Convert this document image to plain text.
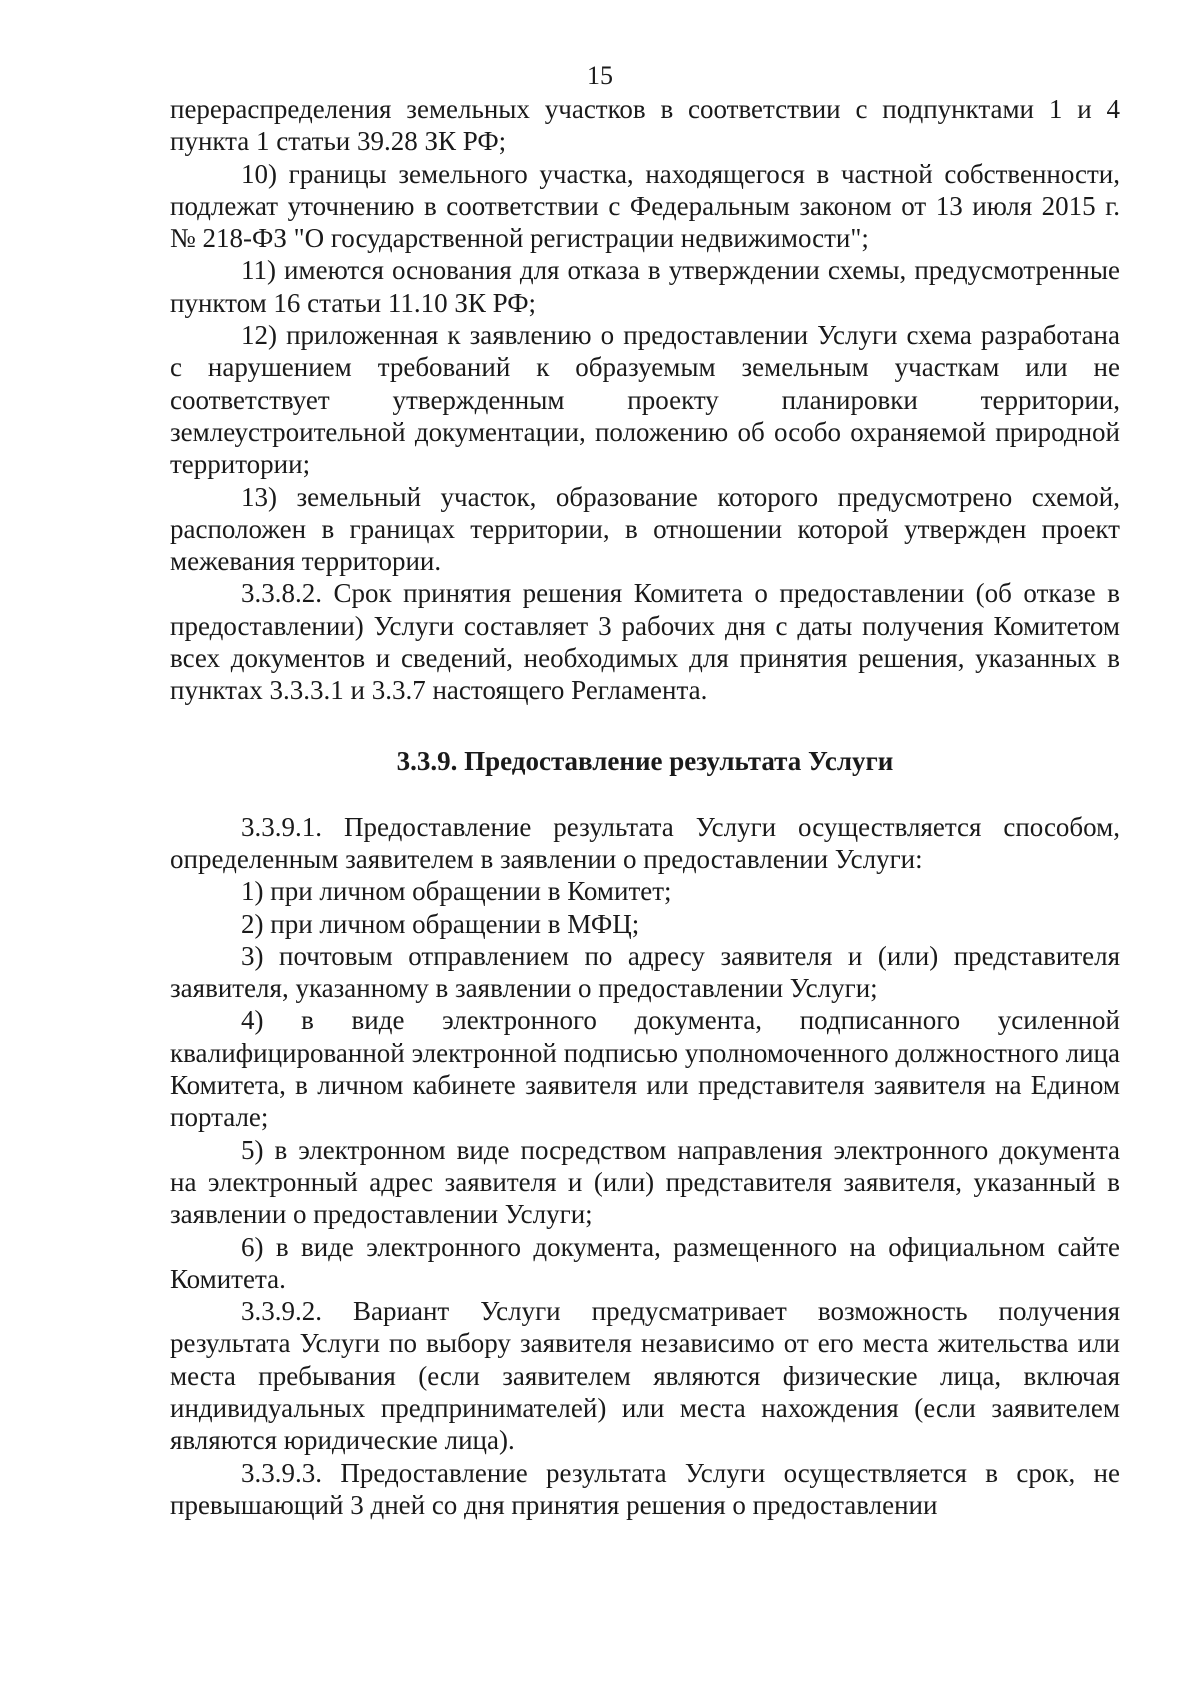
15

перераспределения земельных участков в соответствии с подпунктами 1 и 4 пункта 1 статьи 39.28 ЗК РФ;

10) границы земельного участка, находящегося в частной собственности, подлежат уточнению в соответствии с Федеральным законом от 13 июля 2015 г. № 218-ФЗ "О государственной регистрации недвижимости";

11) имеются основания для отказа в утверждении схемы, предусмотренные пунктом 16 статьи 11.10 ЗК РФ;

12) приложенная к заявлению о предоставлении Услуги схема разработана с нарушением требований к образуемым земельным участкам или не соответствует утвержденным проекту планировки территории, землеустроительной документации, положению об особо охраняемой природной территории;

13) земельный участок, образование которого предусмотрено схемой, расположен в границах территории, в отношении которой утвержден проект межевания территории.

3.3.8.2. Срок принятия решения Комитета о предоставлении (об отказе в предоставлении) Услуги составляет 3 рабочих дня с даты получения Комитетом всех документов и сведений, необходимых для принятия решения, указанных в пунктах 3.3.3.1 и 3.3.7 настоящего Регламента.

3.3.9. Предоставление результата Услуги

3.3.9.1. Предоставление результата Услуги осуществляется способом, определенным заявителем в заявлении о предоставлении Услуги:

1) при личном обращении в Комитет;

2) при личном обращении в МФЦ;

3) почтовым отправлением по адресу заявителя и (или) представителя заявителя, указанному в заявлении о предоставлении Услуги;

4) в виде электронного документа, подписанного усиленной квалифицированной электронной подписью уполномоченного должностного лица Комитета, в личном кабинете заявителя или представителя заявителя на Едином портале;

5) в электронном виде посредством направления электронного документа на электронный адрес заявителя и (или) представителя заявителя, указанный в заявлении о предоставлении Услуги;

6) в виде электронного документа, размещенного на официальном сайте Комитета.

3.3.9.2. Вариант Услуги предусматривает возможность получения результата Услуги по выбору заявителя независимо от его места жительства или места пребывания (если заявителем являются физические лица, включая индивидуальных предпринимателей) или места нахождения (если заявителем являются юридические лица).

3.3.9.3. Предоставление результата Услуги осуществляется в срок, не превышающий 3 дней со дня принятия решения о предоставлении
